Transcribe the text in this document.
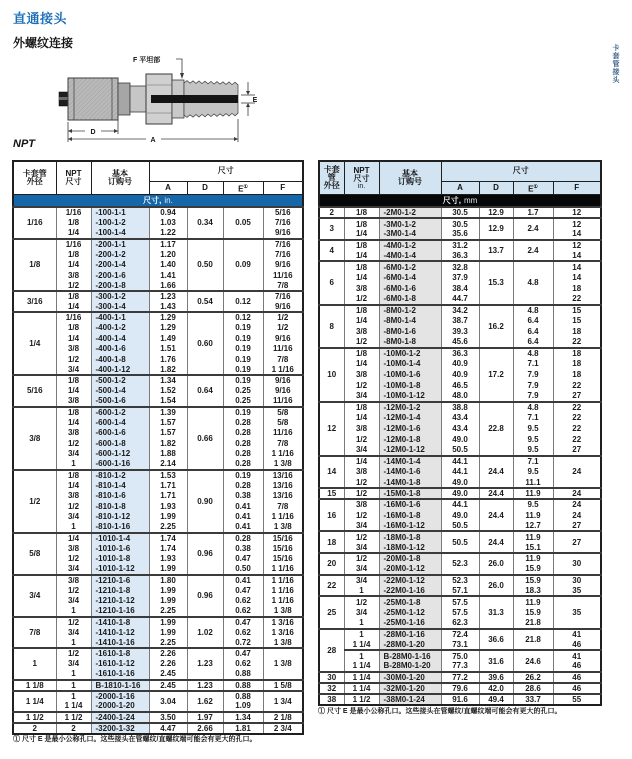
直通接头
外螺纹连接
卡套管接头
F 平坦部
E
D
A
NPT
卡套管
外径

NPT
尺寸

基本
订购号

尺寸

			A	D	E①	F
尺寸, in.						
1/16	1/16	-100-1-1	0.94	0.34	0.05	5/16
	1/8	-100-1-2	1.03			7/16
	1/4	-100-1-4	1.22			9/16
1/8	1/16	-200-1-1	1.17	0.50	0.09	7/16
	1/8	-200-1-2	1.20			7/16
	1/4	-200-1-4	1.40			9/16
	3/8	-200-1-6	1.41			11/16
	1/2	-200-1-8	1.66			7/8
3/16	1/8	-300-1-2	1.23	0.54	0.12	7/16
	1/4	-300-1-4	1.43			9/16
1/4	1/16	-400-1-1	1.29	0.60	0.12	1/2
	1/8	-400-1-2	1.29		0.19	1/2
	1/4	-400-1-4	1.49		0.19	9/16
	3/8	-400-1-6	1.51		0.19	11/16
	1/2	-400-1-8	1.76		0.19	7/8
	3/4	-400-1-12	1.82		0.19	1 1/16
5/16	1/8	-500-1-2	1.34	0.64	0.19	9/16
	1/4	-500-1-4	1.52		0.25	9/16
	3/8	-500-1-6	1.54		0.25	11/16
3/8	1/8	-600-1-2	1.39	0.66	0.19	5/8
	1/4	-600-1-4	1.57		0.28	5/8
	3/8	-600-1-6	1.57		0.28	11/16
	1/2	-600-1-8	1.82		0.28	7/8
	3/4	-600-1-12	1.88		0.28	1 1/16
	1	-600-1-16	2.14		0.28	1 3/8
1/2	1/8	-810-1-2	1.53	0.90	0.19	13/16
	1/4	-810-1-4	1.71		0.28	13/16
	3/8	-810-1-6	1.71		0.38	13/16
	1/2	-810-1-8	1.93		0.41	7/8
	3/4	-810-1-12	1.99		0.41	1 1/16
	1	-810-1-16	2.25		0.41	1 3/8
5/8	1/4	-1010-1-4	1.74	0.96	0.28	15/16
	3/8	-1010-1-6	1.74		0.38	15/16
	1/2	-1010-1-8	1.93		0.47	15/16
	3/4	-1010-1-12	1.99		0.50	1 1/16
3/4	3/8	-1210-1-6	1.80	0.96	0.41	1 1/16
	1/2	-1210-1-8	1.99		0.47	1 1/16
	3/4	-1210-1-12	1.99		0.62	1 1/16
	1	-1210-1-16	2.25		0.62	1 3/8
7/8	1/2	-1410-1-8	1.99	1.02	0.47	1 3/16
	3/4	-1410-1-12	1.99		0.62	1 3/16
	1	-1410-1-16	2.25		0.72	1 3/8
1	1/2	-1610-1-8	2.26	1.23	0.47	1 3/8
	3/4	-1610-1-12	2.26		0.62	
	1	-1610-1-16	2.45		0.88	
1 1/8	1	B-1810-1-16	2.45	1.23	0.88	1 5/8
1 1/4	1	-2000-1-16	3.04	1.62	0.88	1 3/4
	1 1/4	-2000-1-20			1.09	
1 1/2	1 1/2	-2400-1-24	3.50	1.97	1.34	2 1/8
2	2	-3200-1-32	4.47	2.66	1.81	2 3/4
卡套管
外径

NPT
尺寸
in.

基本
订购号

尺寸

			A	D	E①	F
尺寸, mm						
2	1/8	-2M0-1-2	30.5	12.9	1.7	12
3	1/8	-3M0-1-2	30.5	12.9	2.4	12
	1/4	-3M0-1-4	35.6			14
4	1/8	-4M0-1-2	31.2	13.7	2.4	12
	1/4	-4M0-1-4	36.3			14
6	1/8	-6M0-1-2	32.8	15.3	4.8	14
	1/4	-6M0-1-4	37.9			14
	3/8	-6M0-1-6	38.4			18
	1/2	-6M0-1-8	44.7			22
8	1/8	-8M0-1-2	34.2	16.2	4.8	15
	1/4	-8M0-1-4	38.7		6.4	15
	3/8	-8M0-1-6	39.3		6.4	18
	1/2	-8M0-1-8	45.6		6.4	22
10	1/8	-10M0-1-2	36.3	17.2	4.8	18
	1/4	-10M0-1-4	40.9		7.1	18
	3/8	-10M0-1-6	40.9		7.9	18
	1/2	-10M0-1-8	46.5		7.9	22
	3/4	-10M0-1-12	48.0		7.9	27
12	1/8	-12M0-1-2	38.8	22.8	4.8	22
	1/4	-12M0-1-4	43.4		7.1	22
	3/8	-12M0-1-6	43.4		9.5	22
	1/2	-12M0-1-8	49.0		9.5	22
	3/4	-12M0-1-12	50.5		9.5	27
14	1/4	-14M0-1-4	44.1	24.4	7.1	24
	3/8	-14M0-1-6	44.1		9.5	
	1/2	-14M0-1-8	49.0		11.1	
15	1/2	-15M0-1-8	49.0	24.4	11.9	24
16	3/8	-16M0-1-6	44.1	24.4	9.5	24
	1/2	-16M0-1-8	49.0		11.9	24
	3/4	-16M0-1-12	50.5		12.7	27
18	1/2	-18M0-1-8	50.5	24.4	11.9	27
	3/4	-18M0-1-12			15.1	
20	1/2	-20M0-1-8	52.3	26.0	11.9	30
	3/4	-20M0-1-12			15.9	
22	3/4	-22M0-1-12	52.3	26.0	15.9	30
	1	-22M0-1-16	57.1		18.3	35
25	1/2	-25M0-1-8	57.5	31.3	11.9	35
	3/4	-25M0-1-12	57.5		15.9	
	1	-25M0-1-16	62.3		21.8	
28	1	-28M0-1-16	72.4	36.6	21.8	41
	1 1/4	-28M0-1-20	73.1			46
	1	B-28M0-1-16	75.0	31.6	24.6	41
	1 1/4	B-28M0-1-20	77.3			46
30	1 1/4	-30M0-1-20	77.2	39.6	26.2	46
32	1 1/4	-32M0-1-20	79.6	42.0	28.6	46
38	1 1/2	-38M0-1-24	91.6	49.4	33.7	55
① 尺寸 E 是最小公称孔口。这些接头在管螺纹/直螺纹端可能会有更大的孔口。
① 尺寸 E 是最小公称孔口。这些接头在管螺纹/直螺纹端可能会有更大的孔口。
